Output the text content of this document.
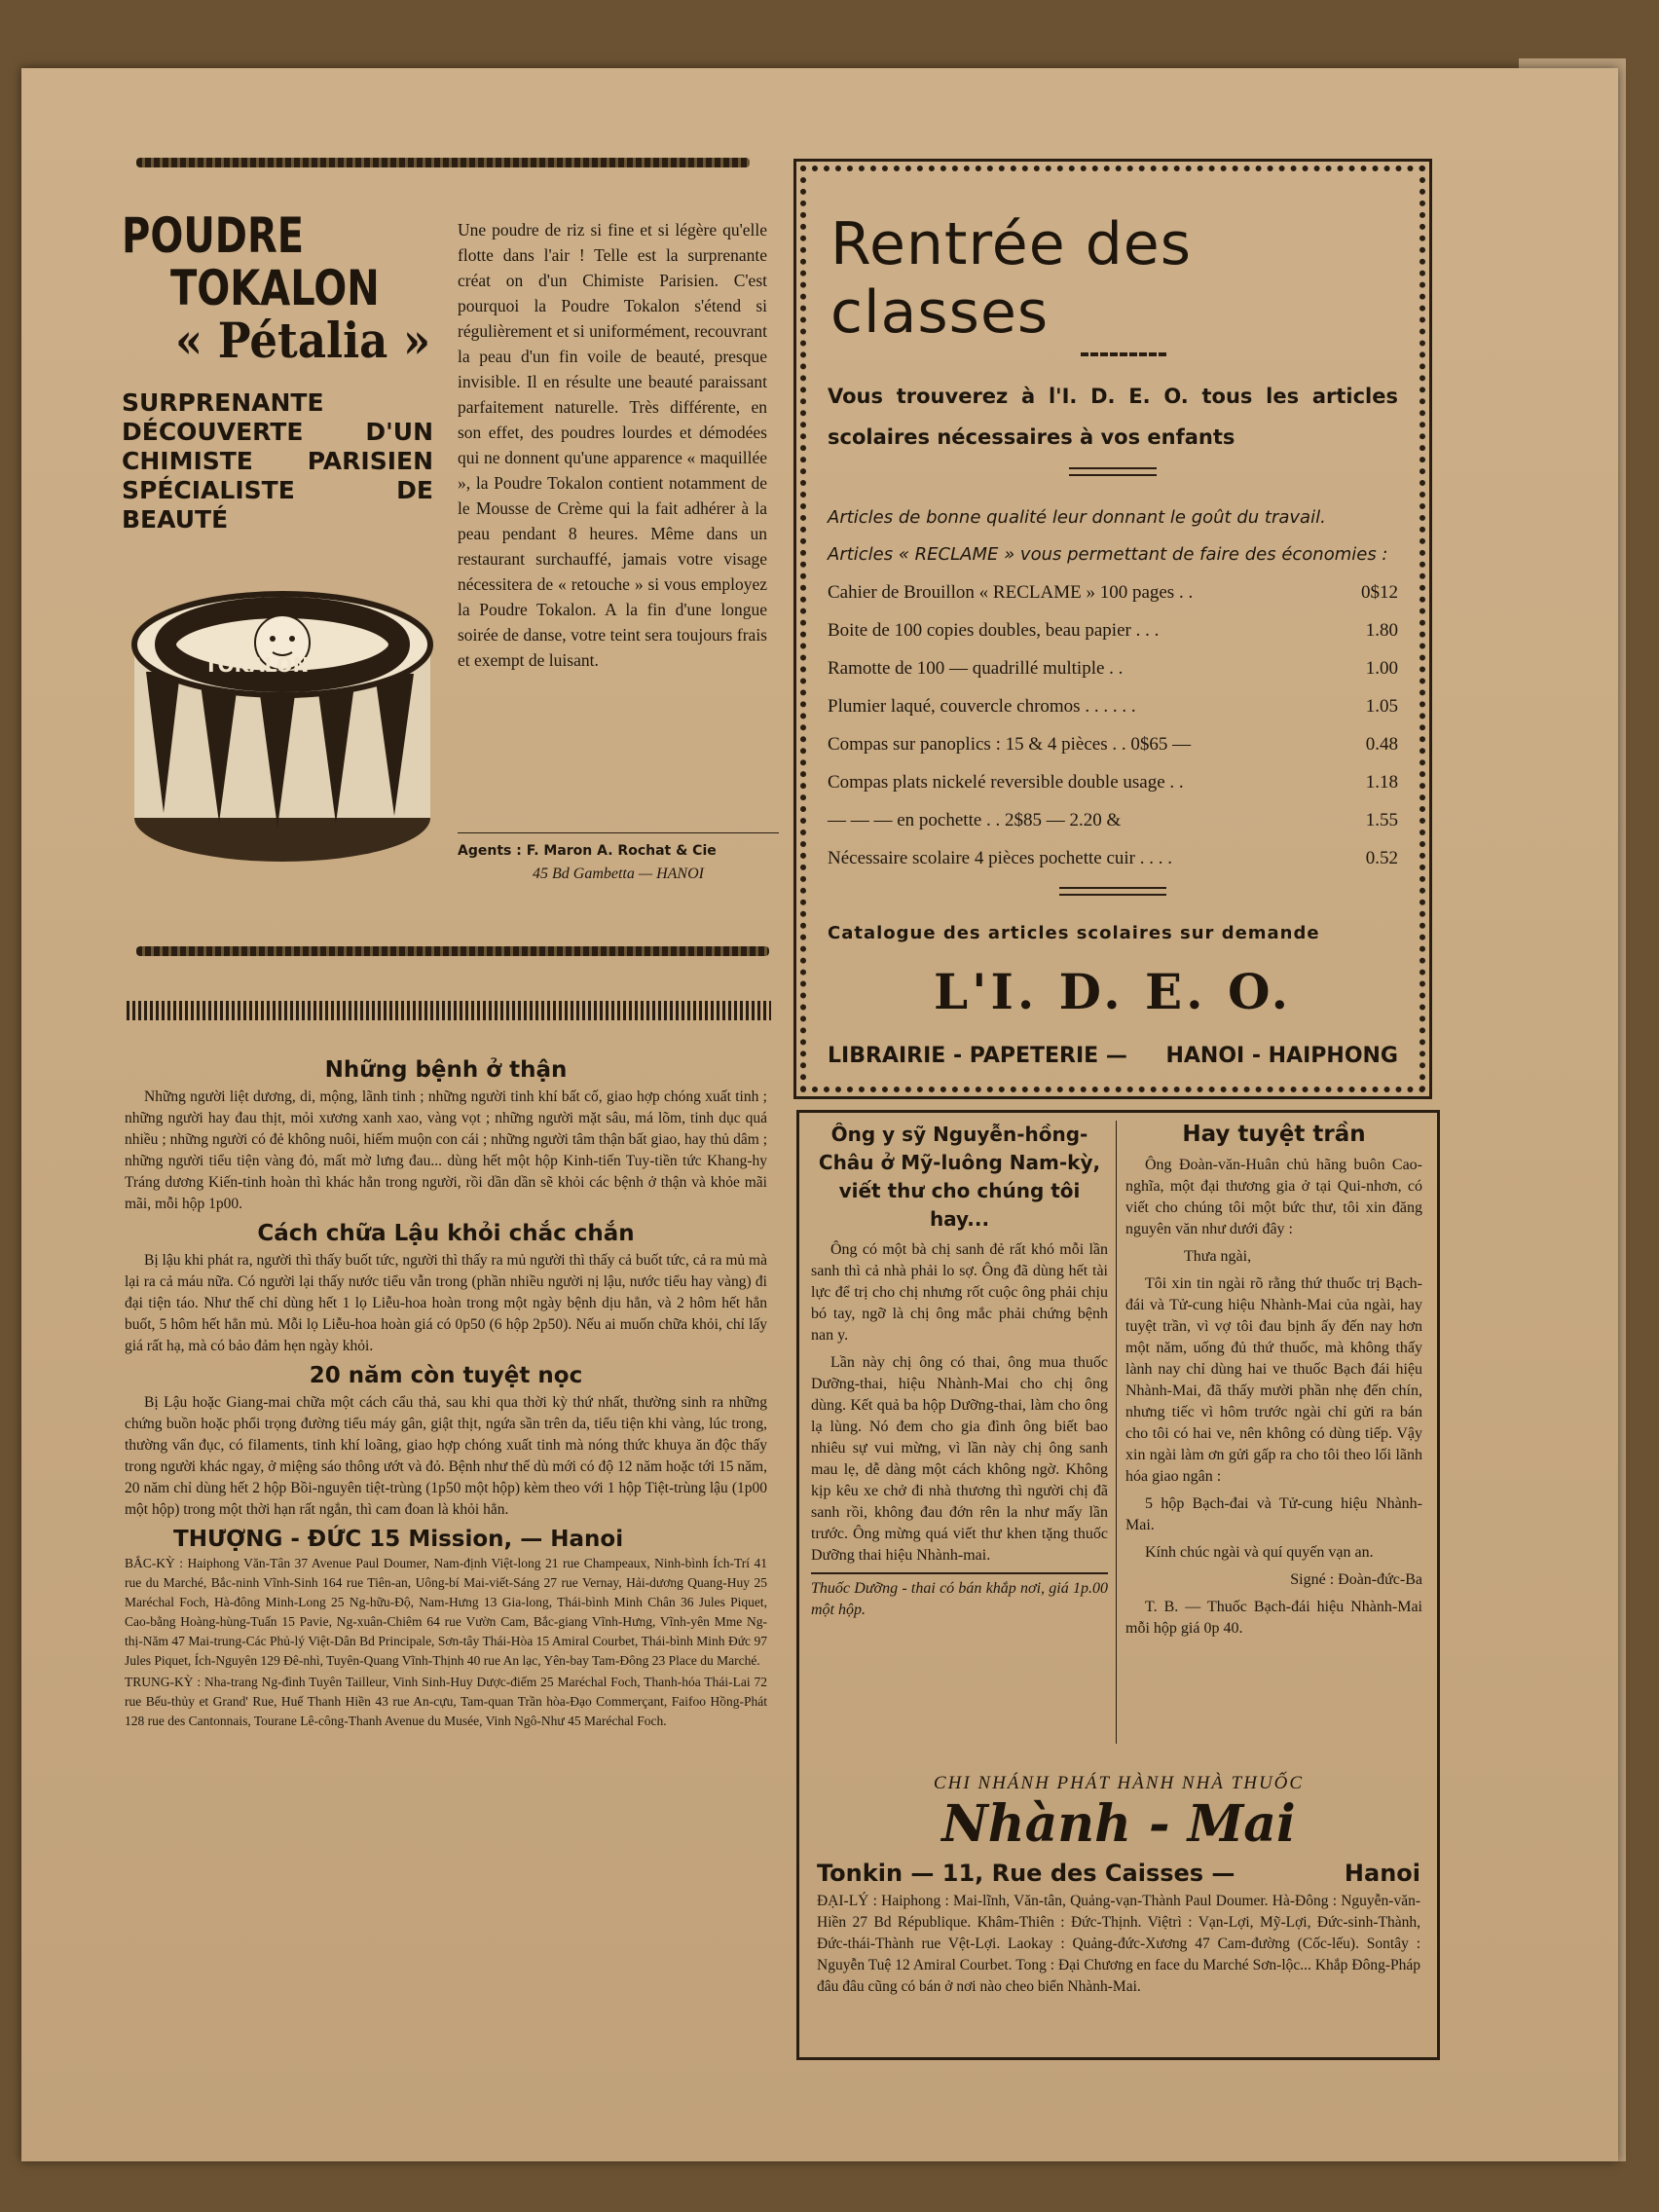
POUDRE

TOKALON

« Pétalia »

SURPRENANTE DÉCOUVERTE D'UN CHIMISTE PARISIEN SPÉCIALISTE DE BEAUTÉ

TOKALON

Une poudre de riz si fine et si légère qu'elle flotte dans l'air ! Telle est la surprenante créat on d'un Chimiste Parisien. C'est pourquoi la Poudre Tokalon s'étend si régulièrement et si uniformément, recouvrant la peau d'un fin voile de beauté, presque invisible. Il en résulte une beauté paraissant parfaitement naturelle. Très différente, en son effet, des poudres lourdes et démodées qui ne donnent qu'une apparence « maquillée », la Poudre Tokalon contient notamment de le Mousse de Crème qui la fait adhérer à la peau pendant 8 heures. Même dans un restaurant surchauffé, jamais votre visage nécessitera de « retouche » si vous employez la Poudre Tokalon. A la fin d'une longue soirée de danse, votre teint sera toujours frais et exempt de luisant.

Agents : F. Maron A. Rochat & Cie
45 Bd Gambetta — HANOI
Rentrée des classes
Vous trouverez à l'I. D. E. O. tous les articles scolaires nécessaires à vos enfants
Articles de bonne qualité leur donnant le goût du travail.
Articles « RECLAME » vous permettant de faire des économies :
Cahier de Brouillon « RECLAME » 100 pages . .	0$12
Boite de 100 copies doubles, beau papier . . .	1.80
Ramotte de 100 — quadrillé multiple . .	1.00
Plumier laqué, couvercle chromos . . . . . .	1.05
Compas sur panoplics : 15 & 4 pièces . . 0$65 —	0.48
Compas plats nickelé reversible double usage . .	1.18
— — — en pochette . . 2$85 — 2.20 &	1.55
Nécessaire scolaire 4 pièces pochette cuir . . . .	0.52
Catalogue des articles scolaires sur demande
L'I. D. E. O.
LIBRAIRIE - PAPETERIE — HANOI - HAIPHONG

Những bệnh ở thận

Những người liệt dương, di, mộng, lãnh tinh ; những người tinh khí bất cố, giao hợp chóng xuất tinh ; những người hay đau thịt, mỏi xương xanh xao, vàng vọt ; những người mặt sâu, má lõm, tinh dục quá nhiều ; những người có đẻ không nuôi, hiếm muộn con cái ; những người tâm thận bất giao, hay thủ dâm ; những người tiểu tiện vàng đỏ, mất mờ lưng đau... dùng hết một hộp Kinh-tiến Tuy-tiền tức Khang-hy Tráng dương Kiến-tinh hoàn thì khác hẳn trong người, rồi dần dần sẽ khỏi các bệnh ở thận và khỏe mãi mãi, mỗi hộp 1p00.

Cách chữa Lậu khỏi chắc chắn

Bị lậu khi phát ra, người thì thấy buốt tức, người thì thấy ra mủ người thì thấy cả buốt tức, cả ra mủ mà lại ra cả máu nữa. Có người lại thấy nước tiểu vẫn trong (phần nhiều người nị lậu, nước tiểu hay vàng) đi đại tiện táo. Như thế chỉ dùng hết 1 lọ Liễu-hoa hoàn trong một ngày bệnh dịu hẳn, và 2 hôm hết hẳn buốt, 5 hôm hết hẳn mủ. Mỗi lọ Liễu-hoa hoàn giá có 0p50 (6 hộp 2p50). Nếu ai muốn chữa khỏi, chỉ lấy giá rất hạ, mà có bảo đảm hẹn ngày khỏi.

20 năm còn tuyệt nọc

Bị Lậu hoặc Giang-mai chữa một cách cẩu thả, sau khi qua thời kỳ thứ nhất, thường sinh ra những chứng buồn hoặc phổi trọng đường tiểu máy gân, giật thịt, ngứa sần trên da, tiểu tiện khi vàng, lúc trong, thường vẩn đục, có filaments, tinh khí loãng, giao hợp chóng xuất tinh mà nóng thức khuya ăn độc thấy trong người khác ngay, ở miệng sáo thông ướt và đỏ. Bệnh như thế dù mới có độ 12 năm hoặc tới 15 năm, 20 năm chỉ dùng hết 2 hộp Bồi-nguyên tiệt-trùng (1p50 một hộp) kèm theo với 1 hộp Tiệt-trùng lậu (1p00 một hộp) trong một thời hạn rất ngắn, thì cam đoan là khỏi hẳn.

THƯỢNG - ĐỨC 15 Mission, — Hanoi

BẮC-KỲ : Haiphong Văn-Tân 37 Avenue Paul Doumer, Nam-định Việt-long 21 rue Champeaux, Ninh-bình Ích-Trí 41 rue du Marché, Bắc-ninh Vĩnh-Sinh 164 rue Tiên-an, Uông-bí Mai-viết-Sáng 27 rue Vernay, Hải-dương Quang-Huy 25 Maréchal Foch, Hà-đông Minh-Long 25 Ng-hữu-Độ, Nam-Hưng 13 Gia-long, Thái-bình Minh Chân 36 Jules Piquet, Cao-bằng Hoàng-hùng-Tuấn 15 Pavie, Ng-xuân-Chiêm 64 rue Vườn Cam, Bắc-giang Vĩnh-Hưng, Vĩnh-yên Mme Ng-thị-Năm 47 Mai-trung-Các Phủ-lý Việt-Dân Bd Principale, Sơn-tây Thái-Hòa 15 Amiral Courbet, Thái-bình Minh Đức 97 Jules Piquet, Ích-Nguyên 129 Đê-nhì, Tuyên-Quang Vĩnh-Thịnh 40 rue An lạc, Yên-bay Tam-Đông 23 Place du Marché.

TRUNG-KỲ : Nha-trang Ng-đình Tuyên Tailleur, Vinh Sinh-Huy Dược-điếm 25 Maréchal Foch, Thanh-hóa Thái-Lai 72 rue Bếu-thủy et Grand' Rue, Huế Thanh Hiền 43 rue An-cựu, Tam-quan Trần hòa-Đạo Commerçant, Faifoo Hồng-Phát 128 rue des Cantonnais, Tourane Lê-công-Thanh Avenue du Musée, Vinh Ngô-Như 45 Maréchal Foch.

Ông y sỹ Nguyễn-hồng-Châu ở Mỹ-luông Nam-kỳ, viết thư cho chúng tôi hay...

Ông có một bà chị sanh đẻ rất khó mỗi lần sanh thì cả nhà phải lo sợ. Ông đã dùng hết tài lực để trị cho chị nhưng rốt cuộc ông phải chịu bó tay, ngỡ là chị ông mắc phải chứng bệnh nan y.

Lần này chị ông có thai, ông mua thuốc Dưỡng-thai, hiệu Nhành-Mai cho chị ông dùng. Kết quả ba hộp Dưỡng-thai, làm cho ông lạ lùng. Nó đem cho gia đình ông biết bao nhiêu sự vui mừng, vì lần này chị ông sanh mau lẹ, dễ dàng một cách không ngờ. Không kịp kêu xe chở đi nhà thương thì người chị đã sanh rồi, không đau đớn rên la như mấy lần trước. Ông mừng quá viết thư khen tặng thuốc Dưỡng thai hiệu Nhành-mai.

Thuốc Dưỡng - thai có bán khắp nơi, giá 1p.00 một hộp.

Hay tuyệt trần

Ông Đoàn-văn-Huân chủ hãng buôn Cao-nghĩa, một đại thương gia ở tại Qui-nhơn, có viết cho chúng tôi một bức thư, tôi xin đăng nguyên văn như dưới đây :

Thưa ngài,

Tôi xin tin ngài rõ rằng thứ thuốc trị Bạch-đái và Tử-cung hiệu Nhành-Mai của ngài, hay tuyệt trần, vì vợ tôi đau bịnh ấy đến nay hơn một năm, uống đủ thứ thuốc, mà không thấy lành nay chỉ dùng hai ve thuốc Bạch đái hiệu Nhành-Mai, đã thấy mười phần nhẹ đến chín, nhưng tiếc vì hôm trước ngài chỉ gửi ra bán cho tôi có hai ve, nên không có dùng tiếp. Vậy xin ngài làm ơn gửi gấp ra cho tôi theo lối lãnh hóa giao ngân :

5 hộp Bạch-đai và Tử-cung hiệu Nhành-Mai.

Kính chúc ngài và quí quyến vạn an.

Signé : Đoàn-đức-Ba

T. B. — Thuốc Bạch-đái hiệu Nhành-Mai mỗi hộp giá 0p 40.

CHI NHÁNH PHÁT HÀNH NHÀ THUỐC

Nhành - Mai

Tonkin — 11, Rue des Caisses —	Hanoi

ĐẠI-LÝ : Haiphong : Mai-lĩnh, Văn-tân, Quảng-vạn-Thành Paul Doumer. Hà-Đông : Nguyễn-văn-Hiền 27 Bd République. Khâm-Thiên : Đức-Thịnh. Việtrì : Vạn-Lợi, Mỹ-Lợi, Đức-sinh-Thành, Đức-thái-Thành rue Vệt-Lợi. Laokay : Quảng-đức-Xương 47 Cam-đường (Cốc-lếu). Sontây : Nguyễn Tuệ 12 Amiral Courbet. Tong : Đại Chương en face du Marché Sơn-lộc... Khắp Đông-Pháp đâu đâu cũng có bán ở nơi nào cheo biển Nhành-Mai.
